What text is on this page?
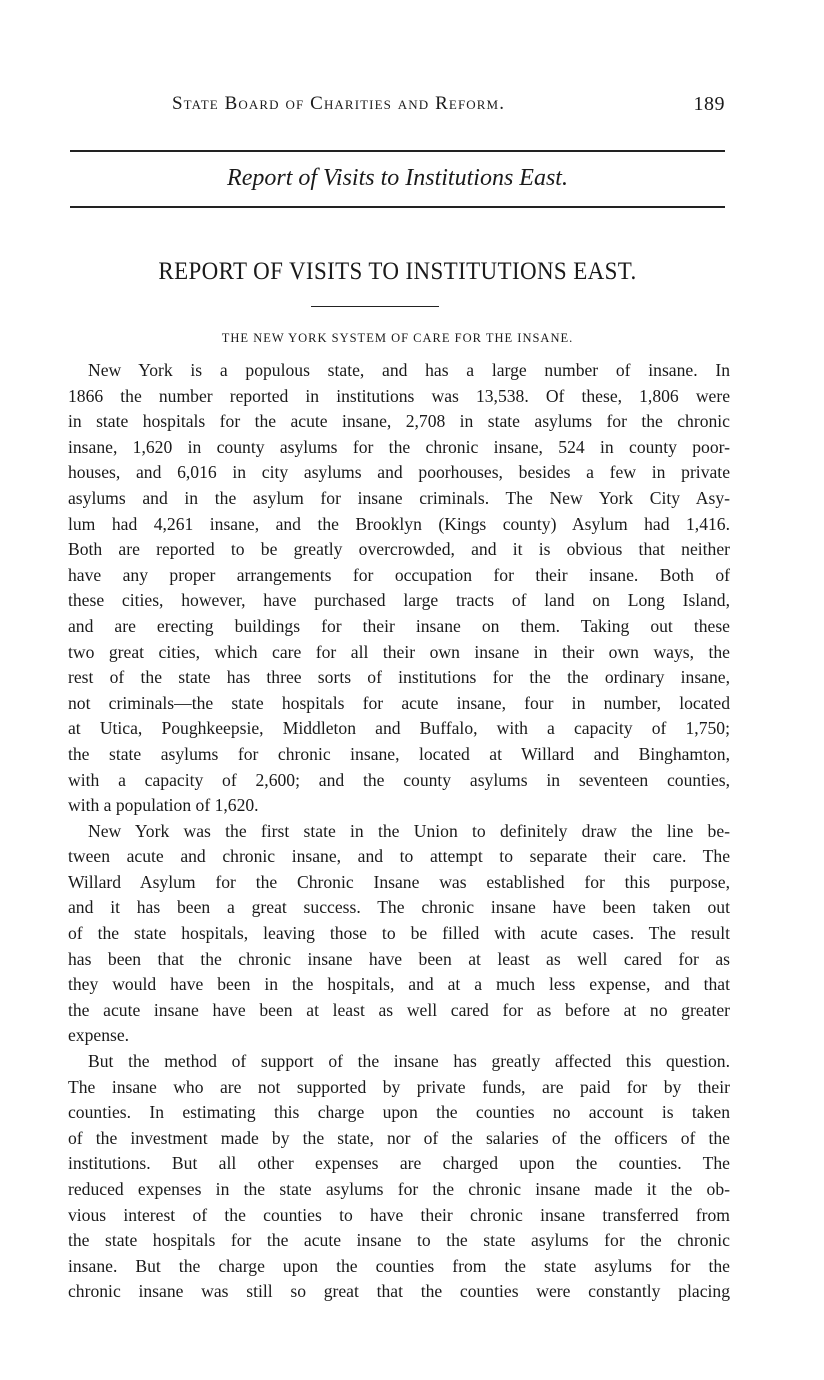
State Board of Charities and Reform.	189
Report of Visits to Institutions East.
REPORT OF VISITS TO INSTITUTIONS EAST.
THE NEW YORK SYSTEM OF CARE FOR THE INSANE.
New York is a populous state, and has a large number of insane. In
1866 the number reported in institutions was 13,538. Of these, 1,806 were
in state hospitals for the acute insane, 2,708 in state asylums for the chronic
insane, 1,620 in county asylums for the chronic insane, 524 in county poor-
houses, and 6,016 in city asylums and poorhouses, besides a few in private
asylums and in the asylum for insane criminals. The New York City Asy-
lum had 4,261 insane, and the Brooklyn (Kings county) Asylum had 1,416.
Both are reported to be greatly overcrowded, and it is obvious that neither
have any proper arrangements for occupation for their insane. Both of
these cities, however, have purchased large tracts of land on Long Island,
and are erecting buildings for their insane on them. Taking out these
two great cities, which care for all their own insane in their own ways, the
rest of the state has three sorts of institutions for the the ordinary insane,
not criminals—the state hospitals for acute insane, four in number, located
at Utica, Poughkeepsie, Middleton and Buffalo, with a capacity of 1,750;
the state asylums for chronic insane, located at Willard and Binghamton,
with a capacity of 2,600; and the county asylums in seventeen counties,
with a population of 1,620.
New York was the first state in the Union to definitely draw the line be-
tween acute and chronic insane, and to attempt to separate their care. The
Willard Asylum for the Chronic Insane was established for this purpose,
and it has been a great success. The chronic insane have been taken out
of the state hospitals, leaving those to be filled with acute cases. The result
has been that the chronic insane have been at least as well cared for as
they would have been in the hospitals, and at a much less expense, and that
the acute insane have been at least as well cared for as before at no greater
expense.
But the method of support of the insane has greatly affected this question.
The insane who are not supported by private funds, are paid for by their
counties. In estimating this charge upon the counties no account is taken
of the investment made by the state, nor of the salaries of the officers of the
institutions. But all other expenses are charged upon the counties. The
reduced expenses in the state asylums for the chronic insane made it the ob-
vious interest of the counties to have their chronic insane transferred from
the state hospitals for the acute insane to the state asylums for the chronic
insane. But the charge upon the counties from the state asylums for the
chronic insane was still so great that the counties were constantly placing
